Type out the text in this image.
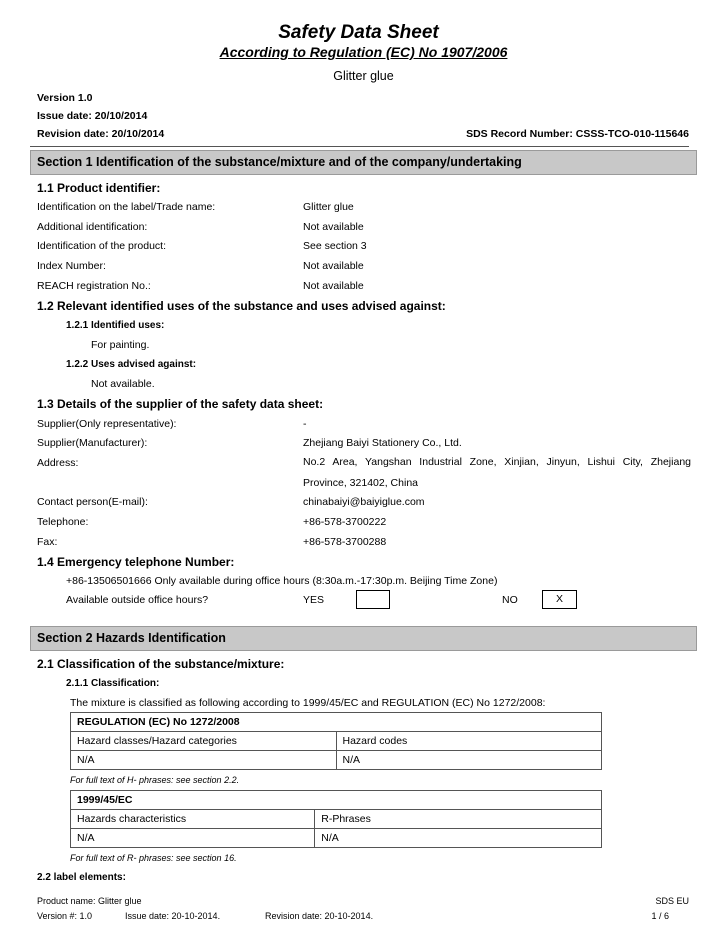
Safety Data Sheet
According to Regulation (EC) No 1907/2006
Glitter glue
Version 1.0
Issue date: 20/10/2014
Revision date: 20/10/2014	SDS Record Number: CSSS-TCO-010-115646
Section 1 Identification of the substance/mixture and of the company/undertaking
1.1 Product identifier:
Identification on the label/Trade name:	Glitter glue
Additional identification:	Not available
Identification of the product:	See section 3
Index Number:	Not available
REACH registration No.:	Not available
1.2 Relevant identified uses of the substance and uses advised against:
1.2.1 Identified uses:
For painting.
1.2.2 Uses advised against:
Not available.
1.3 Details of the supplier of the safety data sheet:
Supplier(Only representative):	-
Supplier(Manufacturer):	Zhejiang Baiyi Stationery Co., Ltd.
Address:	No.2 Area, Yangshan Industrial Zone, Xinjian, Jinyun, Lishui City, Zhejiang
Province, 321402, China
Contact person(E-mail):	chinabaiyi@baiyiglue.com
Telephone:	+86-578-3700222
Fax:	+86-578-3700288
1.4 Emergency telephone Number:
+86-13506501666 Only available during office hours (8:30a.m.-17:30p.m. Beijing Time Zone)
Available outside office hours?	YES	NO	X
Section 2 Hazards Identification
2.1 Classification of the substance/mixture:
2.1.1 Classification:
The mixture is classified as following according to 1999/45/EC and REGULATION (EC) No 1272/2008:
REGULATION (EC) No 1272/2008	
Hazard classes/Hazard categories	Hazard codes
N/A	N/A
For full text of H- phrases: see section 2.2.
1999/45/EC	
Hazards characteristics	R-Phrases
N/A	N/A
For full text of R- phrases: see section 16.
2.2 label elements:
Product name: Glitter glue	SDS EU
Version #: 1.0	Issue date: 20-10-2014.	Revision date: 20-10-2014.	1 / 6
